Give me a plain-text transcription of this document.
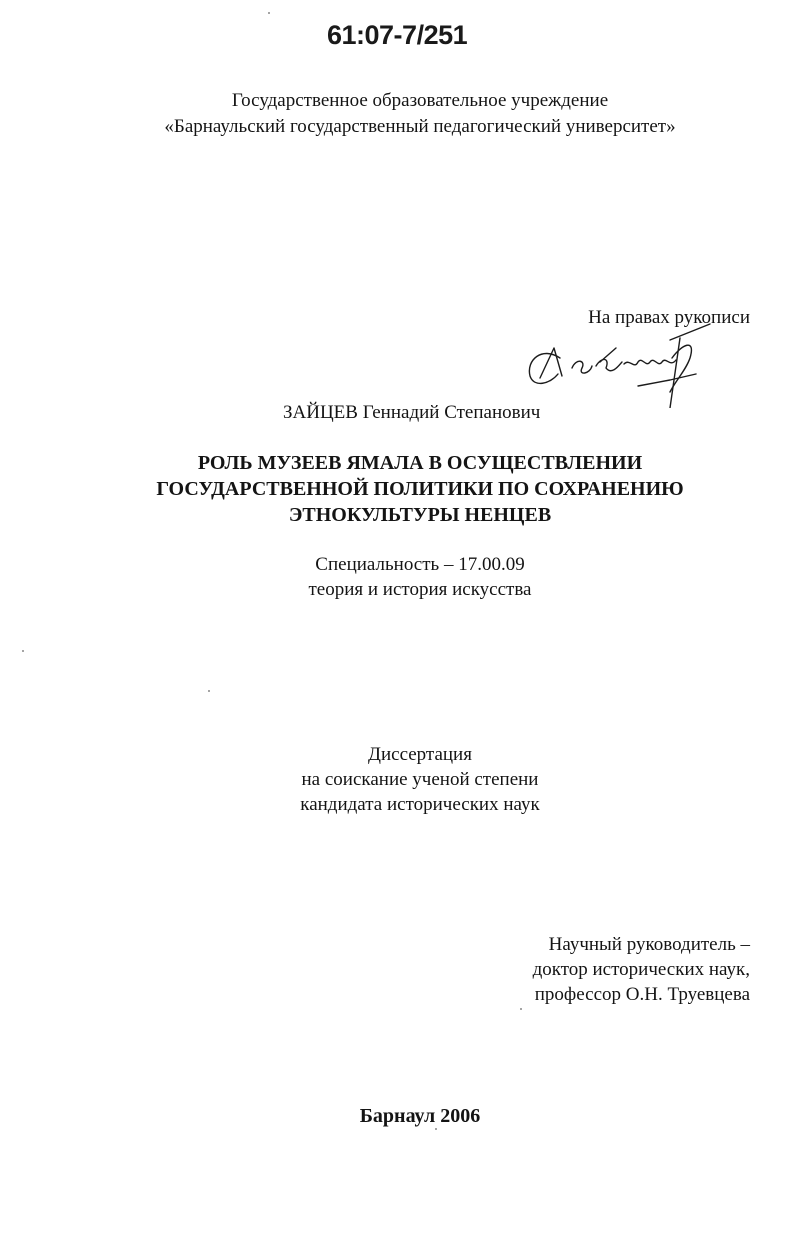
61:07-7/251
Государственное образовательное учреждение
«Барнаульский государственный педагогический университет»
На правах рукописи
ЗАЙЦЕВ Геннадий Степанович
РОЛЬ МУЗЕЕВ ЯМАЛА В ОСУЩЕСТВЛЕНИИ
ГОСУДАРСТВЕННОЙ ПОЛИТИКИ ПО СОХРАНЕНИЮ
ЭТНОКУЛЬТУРЫ НЕНЦЕВ
Специальность – 17.00.09
теория и история искусства
Диссертация
на соискание ученой степени
кандидата исторических наук
Научный руководитель –
доктор исторических наук,
профессор О.Н. Труевцева
Барнаул 2006
